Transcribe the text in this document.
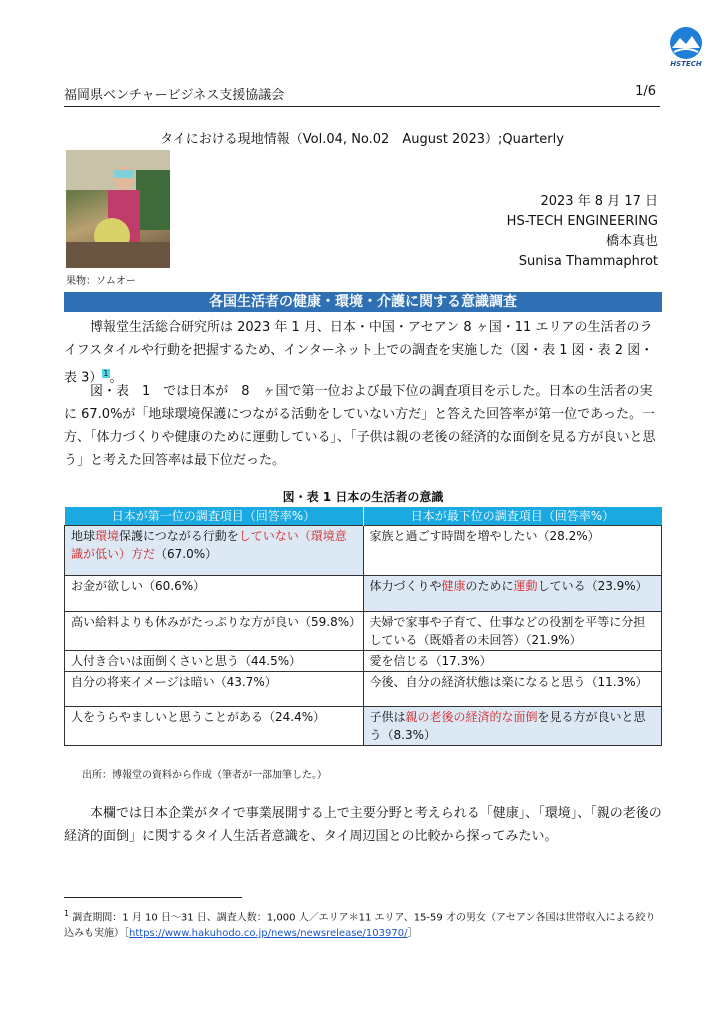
HSTECH
福岡県ベンチャービジネス支援協議会	1/6
タイにおける現地情報（Vol.04, No.02　August 2023）;Quarterly
果物：ソムオー
2023 年 8 月 17 日
HS-TECH ENGINEERING
橋本真也
Sunisa Thammaphrot
各国生活者の健康・環境・介護に関する意識調査

博報堂生活総合研究所は 2023 年 1 月、日本・中国・アセアン 8 ヶ国・11 エリアの生活者のライフスタイルや行動を把握するため、インターネット上での調査を実施した（図・表 1 図・表 2 図・表 3）$^1$。

図・表　1　では日本が　8　ヶ国で第一位および最下位の調査項目を示した。日本の生活者の実に 67.0%が「地球環境保護につながる活動をしていない方だ」と答えた回答率が第一位であった。一方、「体力づくりや健康のために運動している」、「子供は親の老後の経済的な面倒を見る方が良いと思う」と考えた回答率は最下位だった。

図・表 1 日本の生活者の意識
日本が第一位の調査項目（回答率%）	日本が最下位の調査項目（回答率%）
地球環境保護につながる行動をしていない（環境意識が低い）方だ（67.0%）	家族と過ごす時間を増やしたい（28.2%）
お金が欲しい（60.6%）	体力づくりや健康のために運動している（23.9%）
高い給料よりも休みがたっぷりな方が良い（59.8%）	夫婦で家事や子育て、仕事などの役割を平等に分担している（既婚者の未回答）（21.9%）
人付き合いは面倒くさいと思う（44.5%）	愛を信じる（17.3%）
自分の将来イメージは暗い（43.7%）	今後、自分の経済状態は楽になると思う（11.3%）
人をうらやましいと思うことがある（24.4%）	子供は親の老後の経済的な面倒を見る方が良いと思う（8.3%）
出所：博報堂の資料から作成（筆者が一部加筆した。）

本欄では日本企業がタイで事業展開する上で主要分野と考えられる「健康」、「環境」、「親の老後の経済的面倒」に関するタイ人生活者意識を、タイ周辺国との比較から探ってみたい。

$^1$ 調査期間：1 月 10 日～31 日、調査人数：1,000 人／エリア＊11 エリア、15-59 才の男女（アセアン各国は世帯収入による絞り込みも実施）［https://www.hakuhodo.co.jp/news/newsrelease/103970/］
